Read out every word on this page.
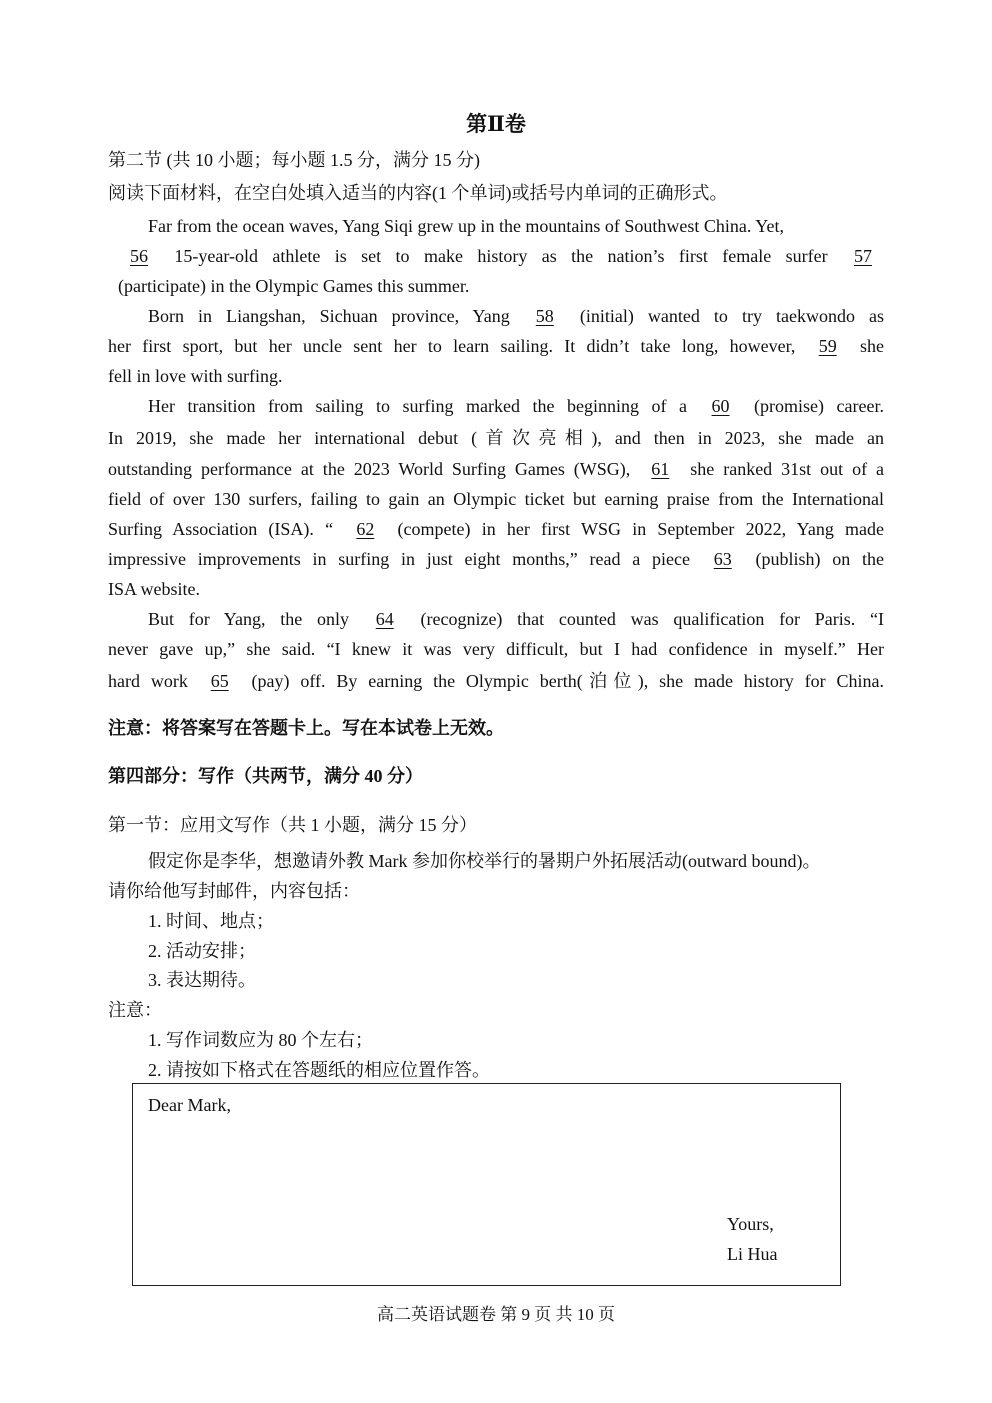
第Ⅱ卷
第二节 (共 10 小题；每小题 1.5 分，满分 15 分)
阅读下面材料，在空白处填入适当的内容(1 个单词)或括号内单词的正确形式。
Far from the ocean waves, Yang Siqi grew up in the mountains of Southwest China. Yet,
56 15-year-old athlete is set to make history as the nation’s first female surfer 57
(participate) in the Olympic Games this summer.
Born in Liangshan, Sichuan province, Yang 58 (initial) wanted to try taekwondo as
her first sport, but her uncle sent her to learn sailing. It didn’t take long, however, 59 she
fell in love with surfing.
Her transition from sailing to surfing marked the beginning of a 60 (promise) career.
In 2019, she made her international debut (首次亮相), and then in 2023, she made an
outstanding performance at the 2023 World Surfing Games (WSG), 61 she ranked 31st out of a
field of over 130 surfers, failing to gain an Olympic ticket but earning praise from the International
Surfing Association (ISA). “ 62 (compete) in her first WSG in September 2022, Yang made
impressive improvements in surfing in just eight months,” read a piece 63 (publish) on the
ISA website.
But for Yang, the only 64 (recognize) that counted was qualification for Paris. “I
never gave up,” she said. “I knew it was very difficult, but I had confidence in myself.” Her
hard work 65 (pay) off. By earning the Olympic berth(泊位), she made history for China.
注意：将答案写在答题卡上。写在本试卷上无效。
第四部分：写作（共两节，满分 40 分）
第一节：应用文写作（共 1 小题，满分 15 分）
假定你是李华，想邀请外教 Mark 参加你校举行的暑期户外拓展活动(outward bound)。
请你给他写封邮件，内容包括：
1. 时间、地点；
2. 活动安排；
3. 表达期待。
注意：
1. 写作词数应为 80 个左右；
2. 请按如下格式在答题纸的相应位置作答。
Dear Mark,
Yours,
Li Hua
高二英语试题卷 第 9 页 共 10 页
